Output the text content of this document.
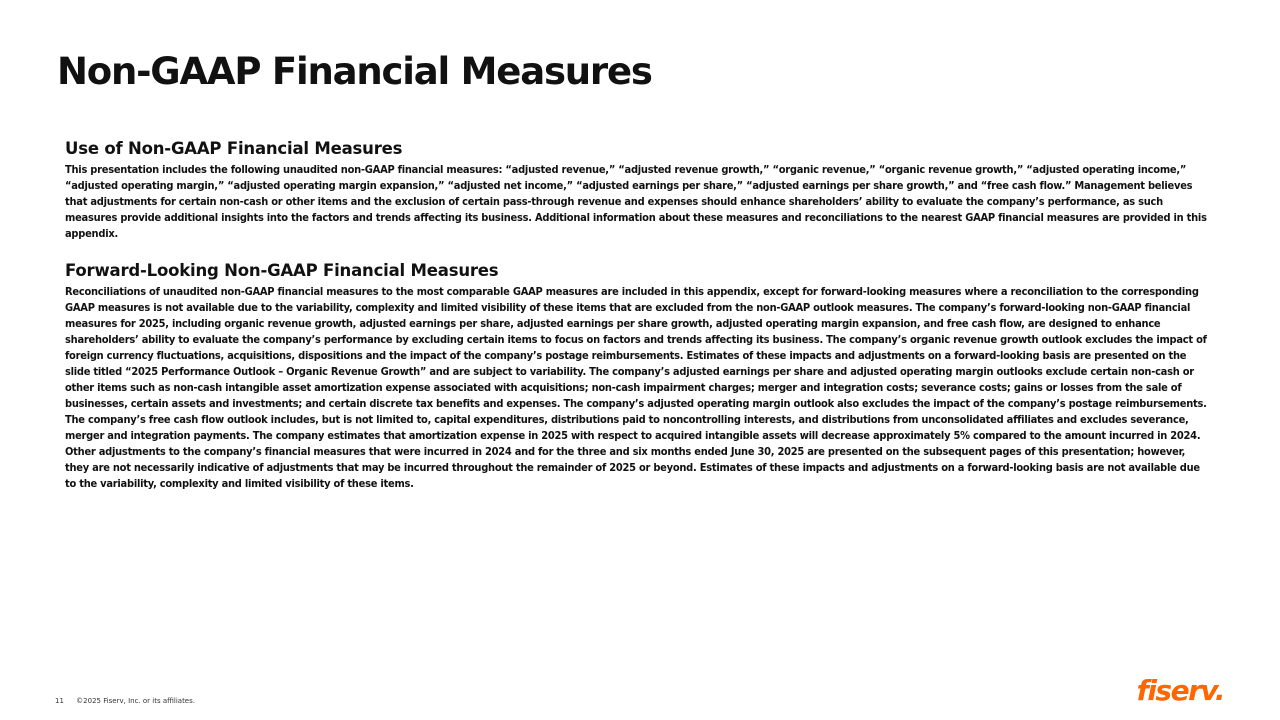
Non-GAAP Financial Measures
Use of Non-GAAP Financial Measures

This presentation includes the following unaudited non-GAAP financial measures: “adjusted revenue,” “adjusted revenue growth,” “organic revenue,” “organic revenue growth,” “adjusted operating income,” “adjusted operating margin,” “adjusted operating margin expansion,” “adjusted net income,” “adjusted earnings per share,” “adjusted earnings per share growth,” and “free cash flow.” Management believes that adjustments for certain non-cash or other items and the exclusion of certain pass-through revenue and expenses should enhance shareholders’ ability to evaluate the company’s performance, as such measures provide additional insights into the factors and trends affecting its business. Additional information about these measures and reconciliations to the nearest GAAP financial measures are provided in this appendix.

Forward-Looking Non-GAAP Financial Measures

Reconciliations of unaudited non-GAAP financial measures to the most comparable GAAP measures are included in this appendix, except for forward-looking measures where a reconciliation to the corresponding GAAP measures is not available due to the variability, complexity and limited visibility of these items that are excluded from the non-GAAP outlook measures. The company’s forward-looking non-GAAP financial measures for 2025, including organic revenue growth, adjusted earnings per share, adjusted earnings per share growth, adjusted operating margin expansion, and free cash flow, are designed to enhance shareholders’ ability to evaluate the company’s performance by excluding certain items to focus on factors and trends affecting its business. The company’s organic revenue growth outlook excludes the impact of foreign currency fluctuations, acquisitions, dispositions and the impact of the company’s postage reimbursements. Estimates of these impacts and adjustments on a forward-looking basis are presented on the slide titled “2025 Performance Outlook – Organic Revenue Growth” and are subject to variability. The company’s adjusted earnings per share and adjusted operating margin outlooks exclude certain non-cash or other items such as non-cash intangible asset amortization expense associated with acquisitions; non-cash impairment charges; merger and integration costs; severance costs; gains or losses from the sale of businesses, certain assets and investments; and certain discrete tax benefits and expenses. The company’s adjusted operating margin outlook also excludes the impact of the company’s postage reimbursements. The company’s free cash flow outlook includes, but is not limited to, capital expenditures, distributions paid to noncontrolling interests, and distributions from unconsolidated affiliates and excludes severance, merger and integration payments. The company estimates that amortization expense in 2025 with respect to acquired intangible assets will decrease approximately 5% compared to the amount incurred in 2024. Other adjustments to the company’s financial measures that were incurred in 2024 and for the three and six months ended June 30, 2025 are presented on the subsequent pages of this presentation; however, they are not necessarily indicative of adjustments that may be incurred throughout the remainder of 2025 or beyond. Estimates of these impacts and adjustments on a forward-looking basis are not available due to the variability, complexity and limited visibility of these items.

11 ©2025 Fiserv, Inc. or its affiliates.	fiserv.
